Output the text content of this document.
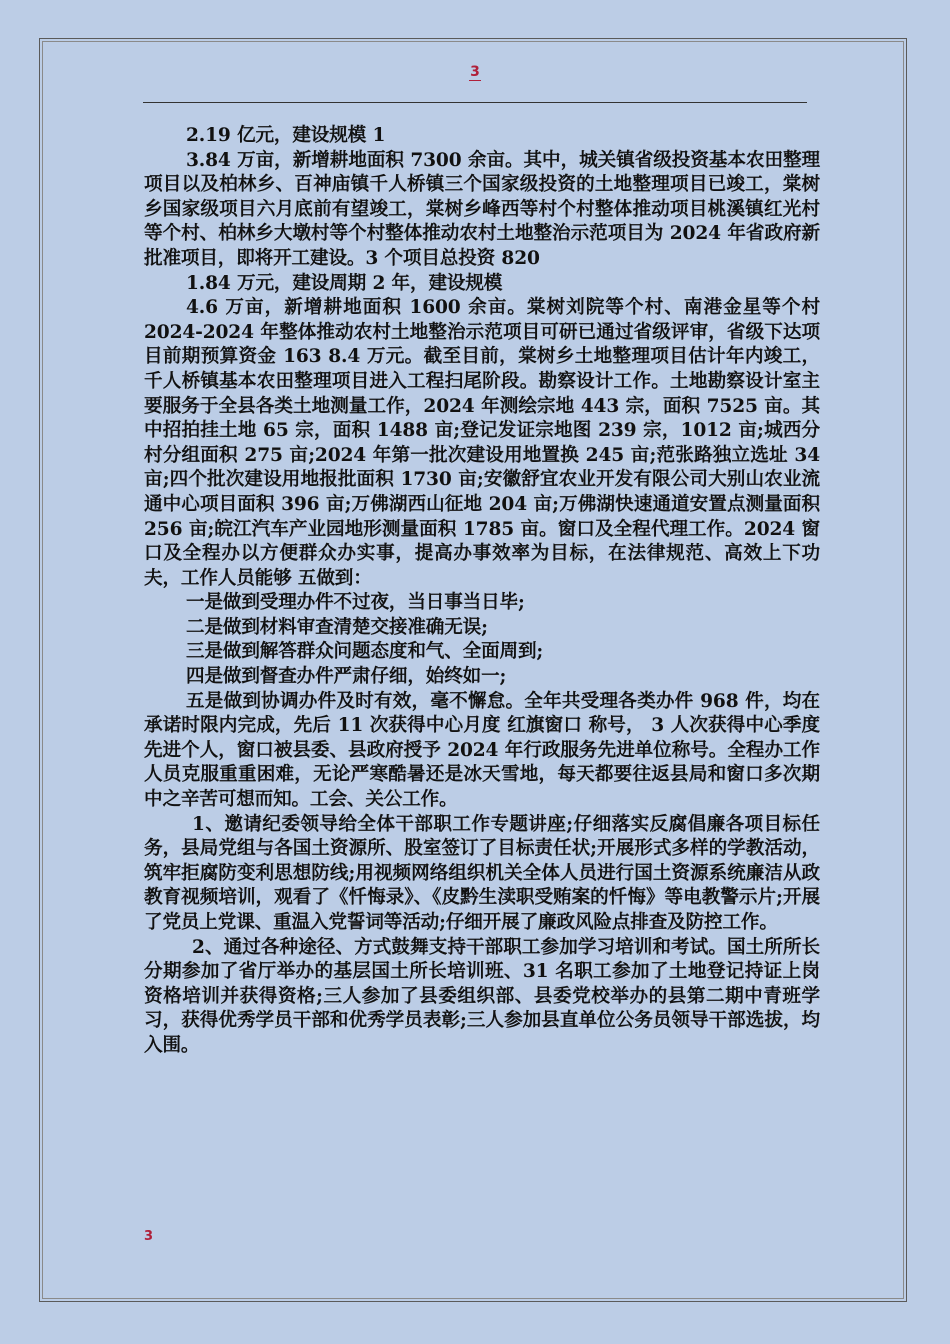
3

2.19 亿元，建设规模 1

3.84 万亩，新增耕地面积 7300 余亩。其中，城关镇省级投资基本农田整理项目以及柏林乡、百神庙镇千人桥镇三个国家级投资的土地整理项目已竣工，棠树乡国家级项目六月底前有望竣工，棠树乡峰西等村个村整体推动项目桃溪镇红光村等个村、柏林乡大墩村等个村整体推动农村土地整治示范项目为 2024 年省政府新批准项目，即将开工建设。3 个项目总投资 820

1.84 万元，建设周期 2 年，建设规模

4.6 万亩，新增耕地面积 1600 余亩。棠树刘院等个村、南港金星等个村 2024-2024 年整体推动农村土地整治示范项目可研已通过省级评审，省级下达项目前期预算资金 163 8.4 万元。截至目前，棠树乡土地整理项目估计年内竣工，千人桥镇基本农田整理项目进入工程扫尾阶段。勘察设计工作。土地勘察设计室主要服务于全县各类土地测量工作，2024 年测绘宗地 443 宗，面积 7525 亩。其中招拍挂土地 65 宗，面积 1488 亩;登记发证宗地图 239 宗，1012 亩;城西分村分组面积 275 亩;2024 年第一批次建设用地置换 245 亩;范张路独立选址 34 亩;四个批次建设用地报批面积 1730 亩;安徽舒宜农业开发有限公司大别山农业流通中心项目面积 396 亩;万佛湖西山征地 204 亩;万佛湖快速通道安置点测量面积 256 亩;皖江汽车产业园地形测量面积 1785 亩。窗口及全程代理工作。2024 窗口及全程办以方便群众办实事，提高办事效率为目标，在法律规范、高效上下功夫，工作人员能够 五做到：

一是做到受理办件不过夜，当日事当日毕;

二是做到材料审查清楚交接准确无误;

三是做到解答群众问题态度和气、全面周到;

四是做到督查办件严肃仔细，始终如一;

五是做到协调办件及时有效，毫不懈怠。全年共受理各类办件 968 件，均在承诺时限内完成，先后 11 次获得中心月度 红旗窗口 称号， 3 人次获得中心季度先进个人，窗口被县委、县政府授予 2024 年行政服务先进单位称号。全程办工作人员克服重重困难，无论严寒酷暑还是冰天雪地，每天都要往返县局和窗口多次期中之辛苦可想而知。工会、关公工作。

1、邀请纪委领导给全体干部职工作专题讲座;仔细落实反腐倡廉各项目标任务，县局党组与各国土资源所、股室签订了目标责任状;开展形式多样的学教活动，筑牢拒腐防变利思想防线;用视频网络组织机关全体人员进行国土资源系统廉洁从政教育视频培训，观看了《忏悔录》、《皮黔生渎职受贿案的忏悔》等电教警示片;开展了党员上党课、重温入党誓词等活动;仔细开展了廉政风险点排查及防控工作。

2、通过各种途径、方式鼓舞支持干部职工参加学习培训和考试。国土所所长分期参加了省厅举办的基层国土所长培训班、31 名职工参加了土地登记持证上岗资格培训并获得资格;三人参加了县委组织部、县委党校举办的县第二期中青班学习，获得优秀学员干部和优秀学员表彰;三人参加县直单位公务员领导干部选拔，均入围。

3
